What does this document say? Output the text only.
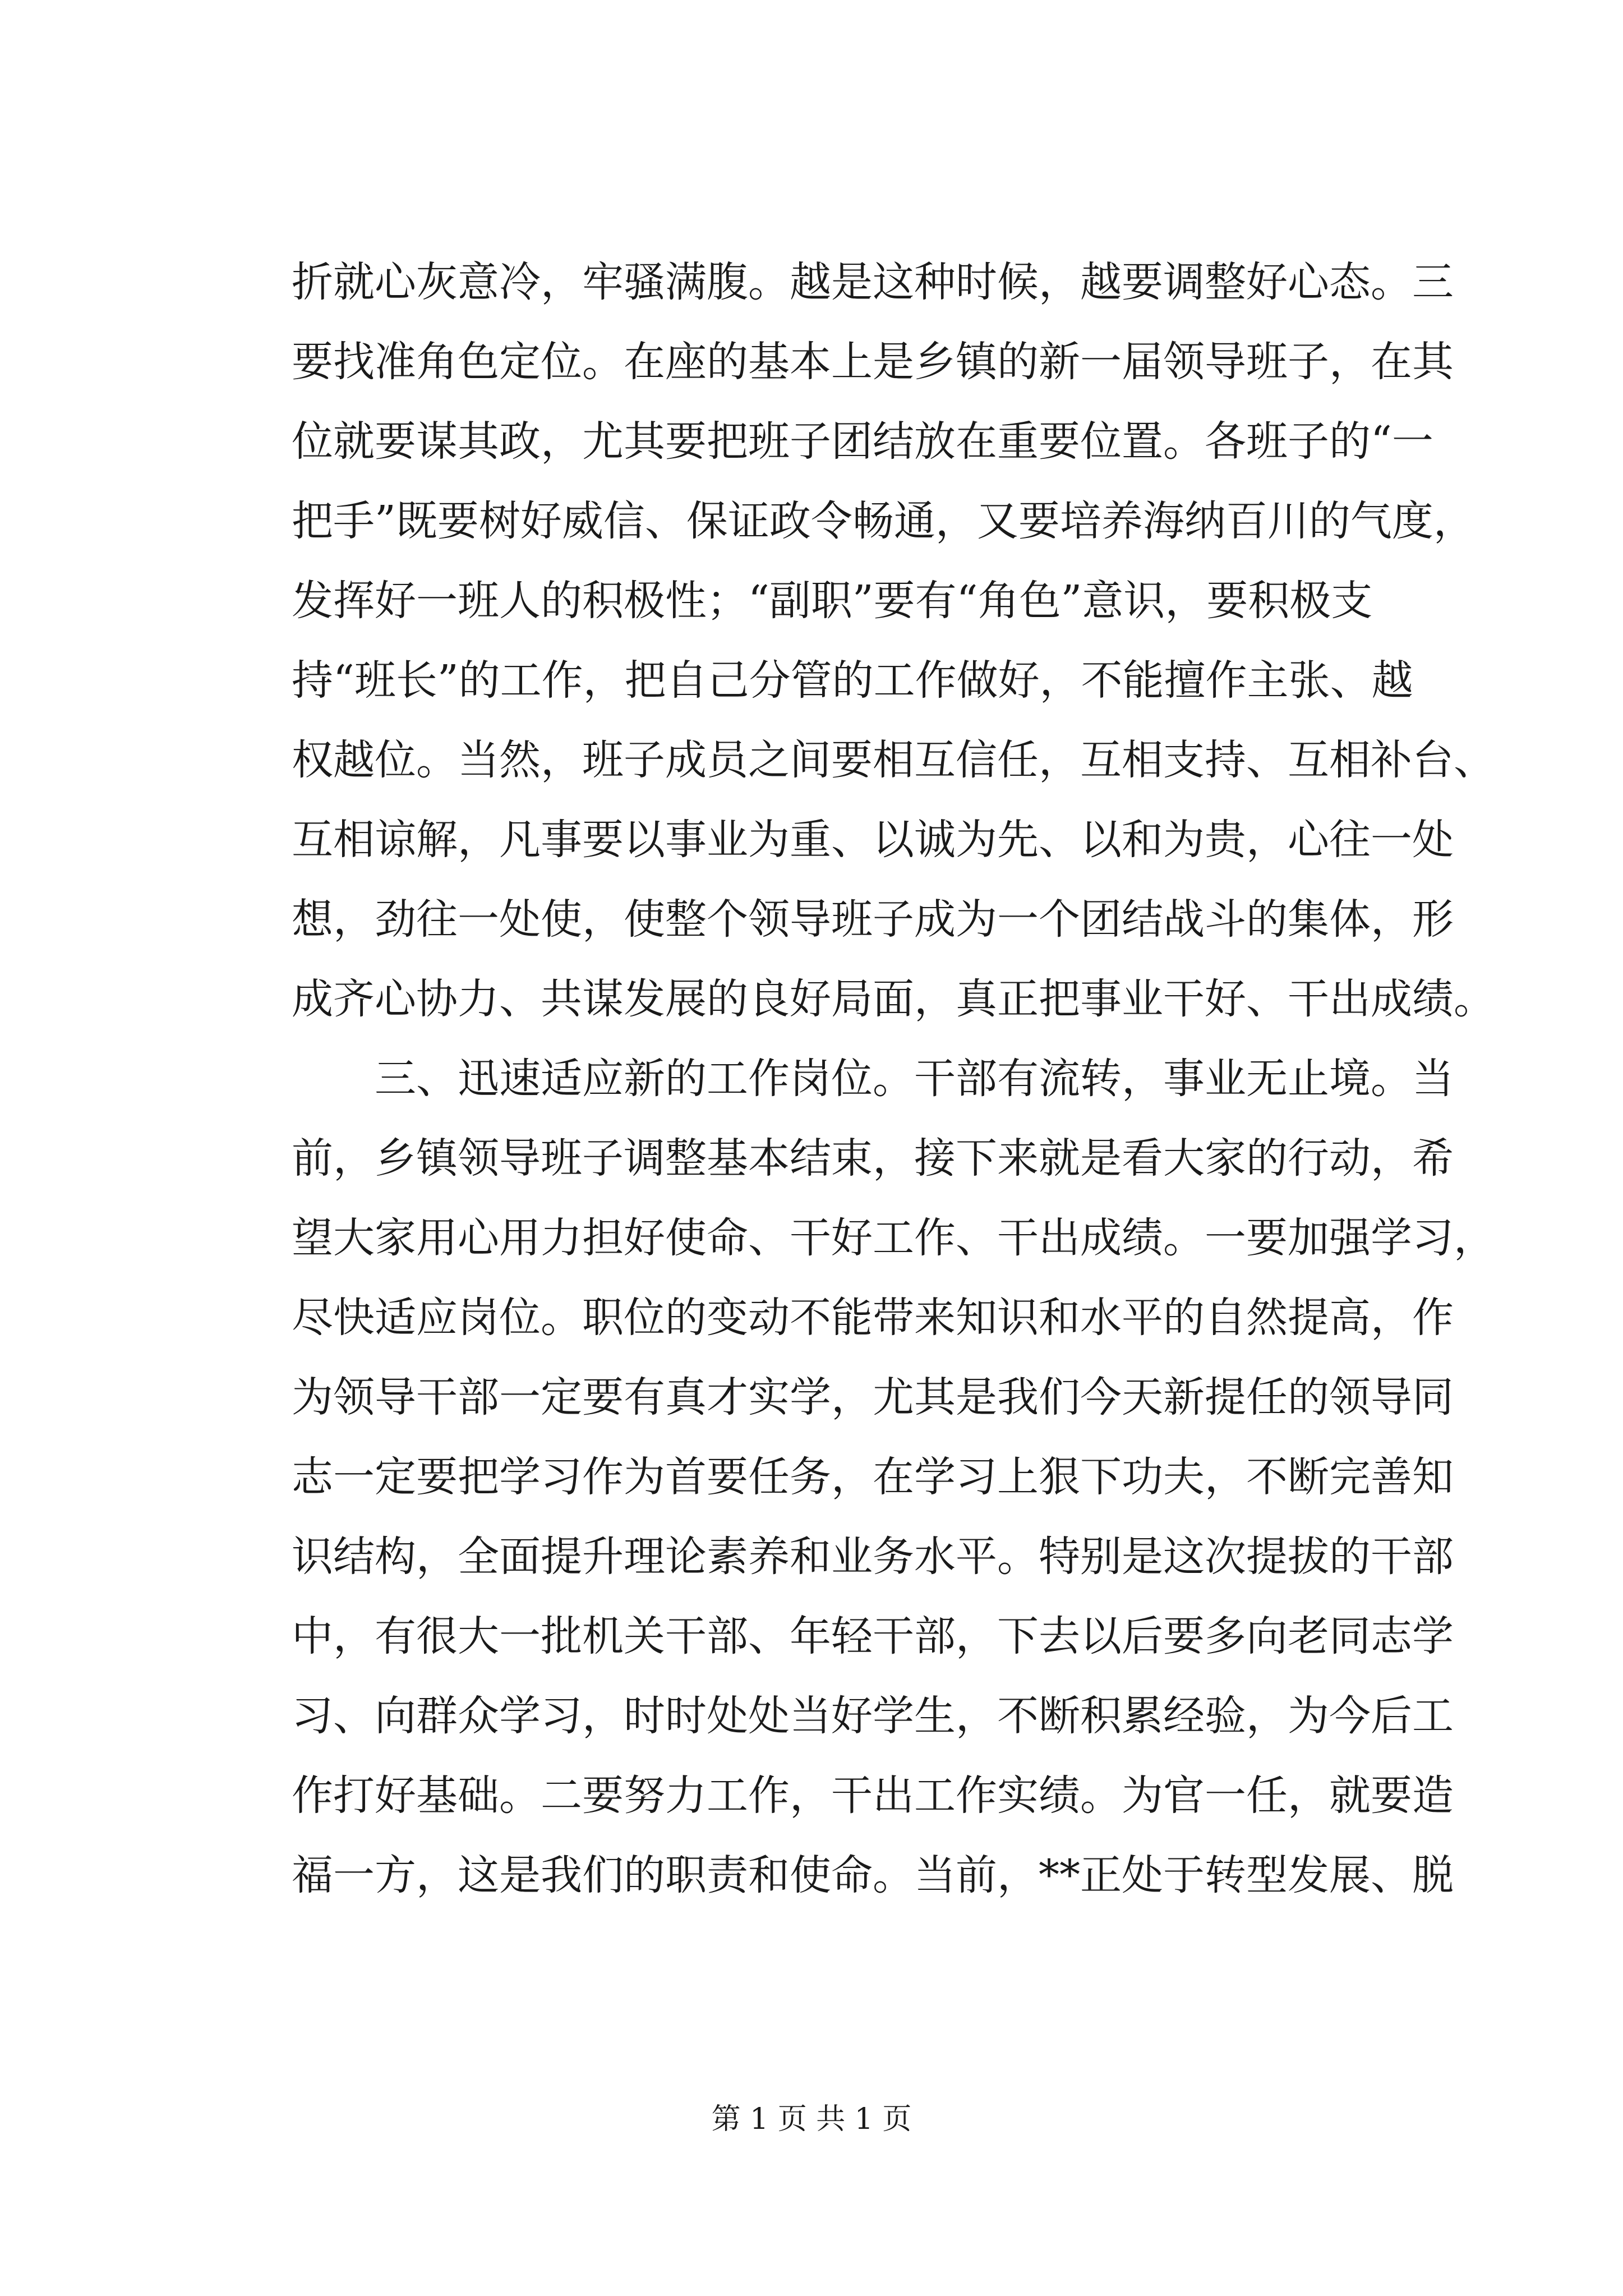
折就心灰意冷，牢骚满腹。越是这种时候，越要调整好心态。三
要找准角色定位。在座的基本上是乡镇的新一届领导班子，在其
位就要谋其政，尤其要把班子团结放在重要位置。各班子的“一
把手”既要树好威信、保证政令畅通，又要培养海纳百川的气度，
发挥好一班人的积极性；“副职”要有“角色”意识，要积极支
持“班长”的工作，把自己分管的工作做好，不能擅作主张、越
权越位。当然，班子成员之间要相互信任，互相支持、互相补台、
互相谅解，凡事要以事业为重、以诚为先、以和为贵，心往一处
想，劲往一处使，使整个领导班子成为一个团结战斗的集体，形
成齐心协力、共谋发展的良好局面，真正把事业干好、干出成绩。
三、迅速适应新的工作岗位。干部有流转，事业无止境。当
前，乡镇领导班子调整基本结束，接下来就是看大家的行动，希
望大家用心用力担好使命、干好工作、干出成绩。一要加强学习，
尽快适应岗位。职位的变动不能带来知识和水平的自然提高，作
为领导干部一定要有真才实学，尤其是我们今天新提任的领导同
志一定要把学习作为首要任务，在学习上狠下功夫，不断完善知
识结构，全面提升理论素养和业务水平。特别是这次提拔的干部
中，有很大一批机关干部、年轻干部，下去以后要多向老同志学
习、向群众学习，时时处处当好学生，不断积累经验，为今后工
作打好基础。二要努力工作，干出工作实绩。为官一任，就要造
福一方，这是我们的职责和使命。当前，**正处于转型发展、脱
第 1 页 共 1 页
